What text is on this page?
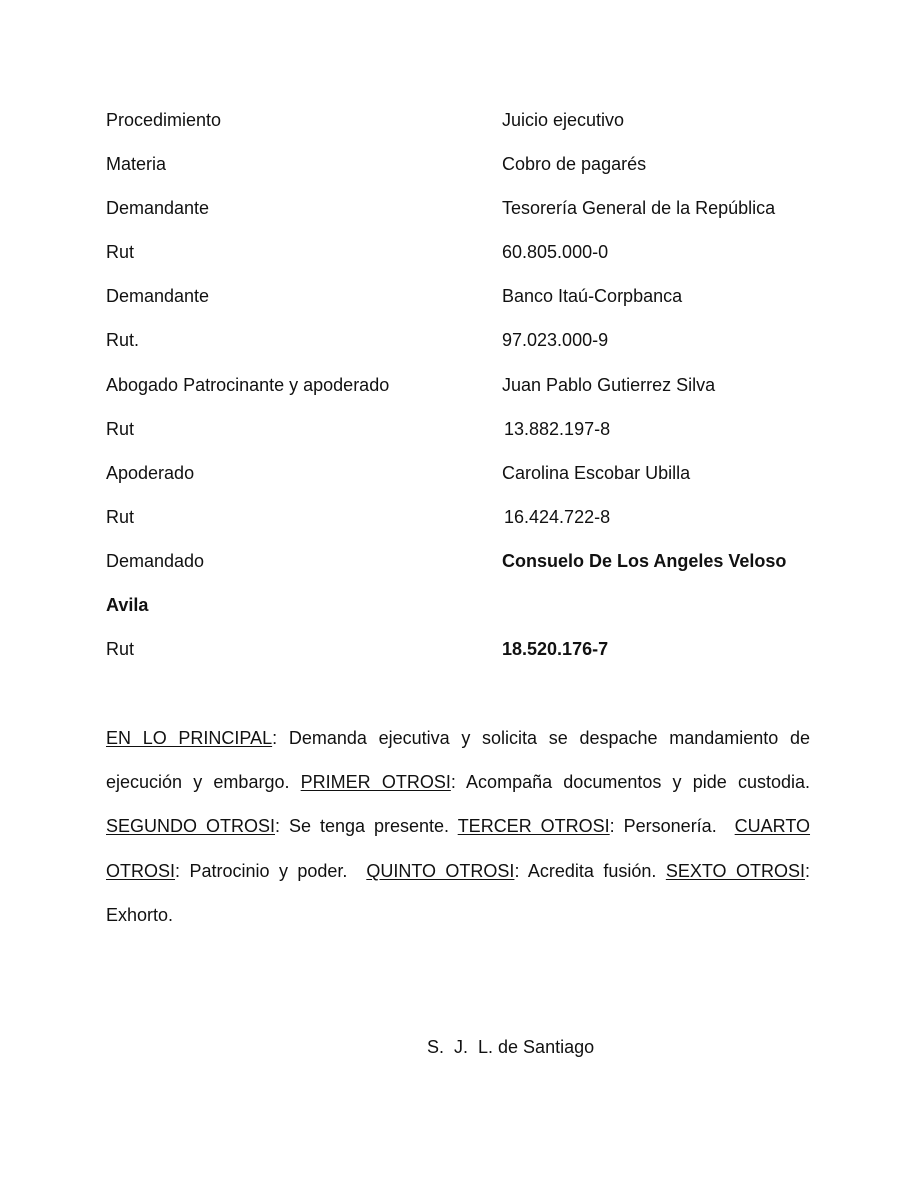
Procedimiento	Juicio ejecutivo
Materia	Cobro de pagarés
Demandante	Tesorería General de la República
Rut	60.805.000-0
Demandante	Banco Itaú-Corpbanca
Rut.	97.023.000-9
Abogado Patrocinante y apoderado	Juan Pablo Gutierrez Silva
Rut	13.882.197-8
Apoderado	Carolina Escobar Ubilla
Rut	16.424.722-8
Demandado	Consuelo De Los Angeles Veloso
Avila
Rut	18.520.176-7
EN LO PRINCIPAL: Demanda ejecutiva y solicita se despache mandamiento de ejecución y embargo. PRIMER OTROSI: Acompaña documentos y pide custodia. SEGUNDO OTROSI: Se tenga presente. TERCER OTROSI: Personería.  CUARTO OTROSI: Patrocinio y poder.  QUINTO OTROSI: Acredita fusión. SEXTO OTROSI: Exhorto.
S.  J.  L. de Santiago
